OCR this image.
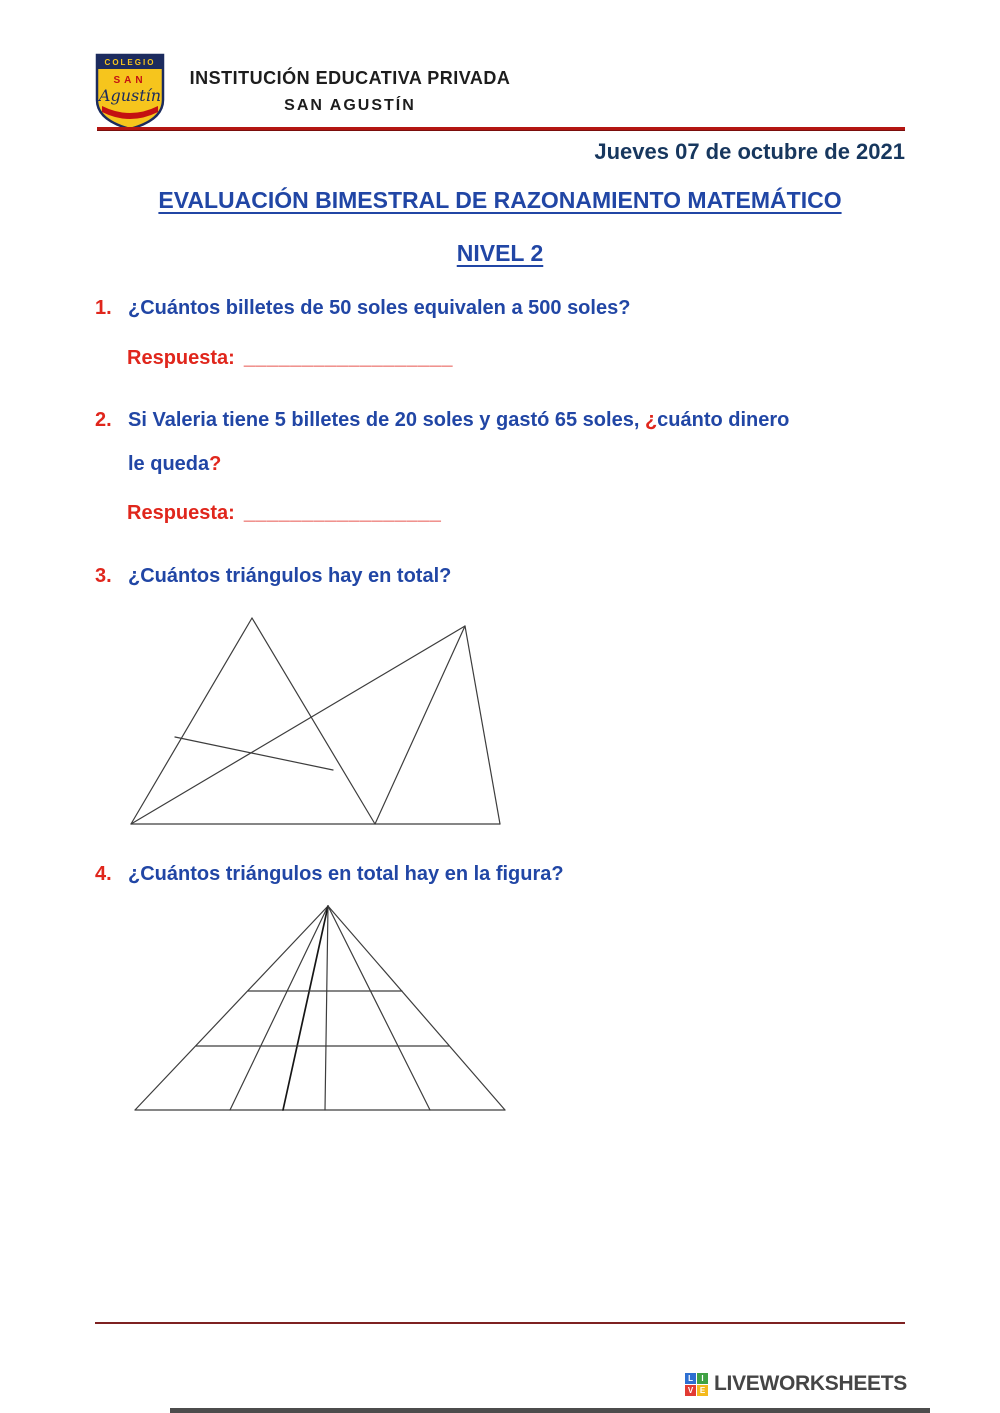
COLEGIO
SAN
Agustín
INSTITUCIÓN EDUCATIVA PRIVADA
SAN AGUSTÍN
Jueves 07 de octubre de 2021
EVALUACIÓN BIMESTRAL DE RAZONAMIENTO MATEMÁTICO
NIVEL 2
1. ¿Cuántos billetes de 50 soles equivalen a 500 soles?
Respuesta: __________________
2. Si Valeria tiene 5 billetes de 20 soles y gastó 65 soles, ¿cuánto dinero
le queda?
Respuesta: _________________
3. ¿Cuántos triángulos hay en total?
4. ¿Cuántos triángulos en total hay en la figura?
L	I
V E LIVEWORKSHEETS
